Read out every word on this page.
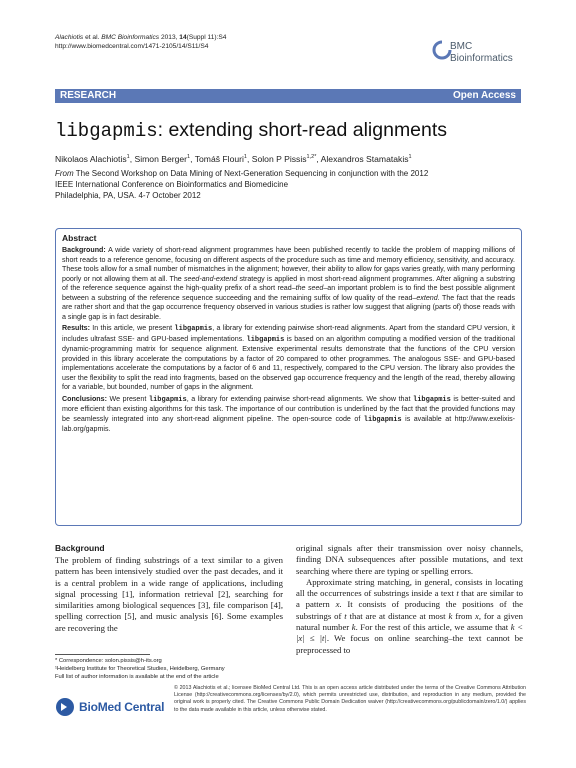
Alachiotis et al. BMC Bioinformatics 2013, 14(Suppl 11):S4
http://www.biomedcentral.com/1471-2105/14/S11/S4	BMC
Bioinformatics
RESEARCH	Open Access
libgapmis: extending short-read alignments
Nikolaos Alachiotis$^1$, Simon Berger$^1$, Tomáš Flouri$^1$, Solon P Pissis$^{1,2*}$, Alexandros Stamatakis$^1$
From The Second Workshop on Data Mining of Next-Generation Sequencing in conjunction with the 2012
IEEE International Conference on Bioinformatics and Biomedicine
Philadelphia, PA, USA. 4-7 October 2012
Abstract

Background: A wide variety of short-read alignment programmes have been published recently to tackle the problem of mapping millions of short reads to a reference genome, focusing on different aspects of the procedure such as time and memory efficiency, sensitivity, and accuracy. These tools allow for a small number of mismatches in the alignment; however, their ability to allow for gaps varies greatly, with many performing poorly or not allowing them at all. The seed-and-extend strategy is applied in most short-read alignment programmes. After aligning a substring of the reference sequence against the high-quality prefix of a short read–the seed–an important problem is to find the best possible alignment between a substring of the reference sequence succeeding and the remaining suffix of low quality of the read–extend. The fact that the reads are rather short and that the gap occurrence frequency observed in various studies is rather low suggest that aligning (parts of) those reads with a single gap is in fact desirable.

Results: In this article, we present libgapmis, a library for extending pairwise short-read alignments. Apart from the standard CPU version, it includes ultrafast SSE- and GPU-based implementations. libgapmis is based on an algorithm computing a modified version of the traditional dynamic-programming matrix for sequence alignment. Extensive experimental results demonstrate that the functions of the CPU version provided in this library accelerate the computations by a factor of 20 compared to other programmes. The analogous SSE- and GPU-based implementations accelerate the computations by a factor of 6 and 11, respectively, compared to the CPU version. The library also provides the user the flexibility to split the read into fragments, based on the observed gap occurrence frequency and the length of the read, thereby allowing for a variable, but bounded, number of gaps in the alignment.

Conclusions: We present libgapmis, a library for extending pairwise short-read alignments. We show that libgapmis is better-suited and more efficient than existing algorithms for this task. The importance of our contribution is underlined by the fact that the provided functions may be seamlessly integrated into any short-read alignment pipeline. The open-source code of libgapmis is available at http://www.exelixis-lab.org/gapmis.

Background

The problem of finding substrings of a text similar to a given pattern has been intensively studied over the past decades, and it is a central problem in a wide range of applications, including signal processing [1], information retrieval [2], searching for similarities among biological sequences [3], file comparison [4], spelling correction [5], and music analysis [6]. Some examples are recovering the

original signals after their transmission over noisy channels, finding DNA subsequences after possible mutations, and text searching where there are typing or spelling errors.

Approximate string matching, in general, consists in locating all the occurrences of substrings inside a text t that are similar to a pattern x. It consists of producing the positions of the substrings of t that are at distance at most k from x, for a given natural number k. For the rest of this article, we assume that k < |x| ≤ |t|. We focus on online searching–the text cannot be preprocessed to

* Correspondence: solon.pissis@h-its.org
¹Heidelberg Institute for Theoretical Studies, Heidelberg, Germany
Full list of author information is available at the end of the article
BioMed Central
© 2013 Alachiotis et al.; licensee BioMed Central Ltd. This is an open access article distributed under the terms of the Creative Commons Attribution License (http://creativecommons.org/licenses/by/2.0), which permits unrestricted use, distribution, and reproduction in any medium, provided the original work is properly cited. The Creative Commons Public Domain Dedication waiver (http://creativecommons.org/publicdomain/zero/1.0/) applies to the data made available in this article, unless otherwise stated.
